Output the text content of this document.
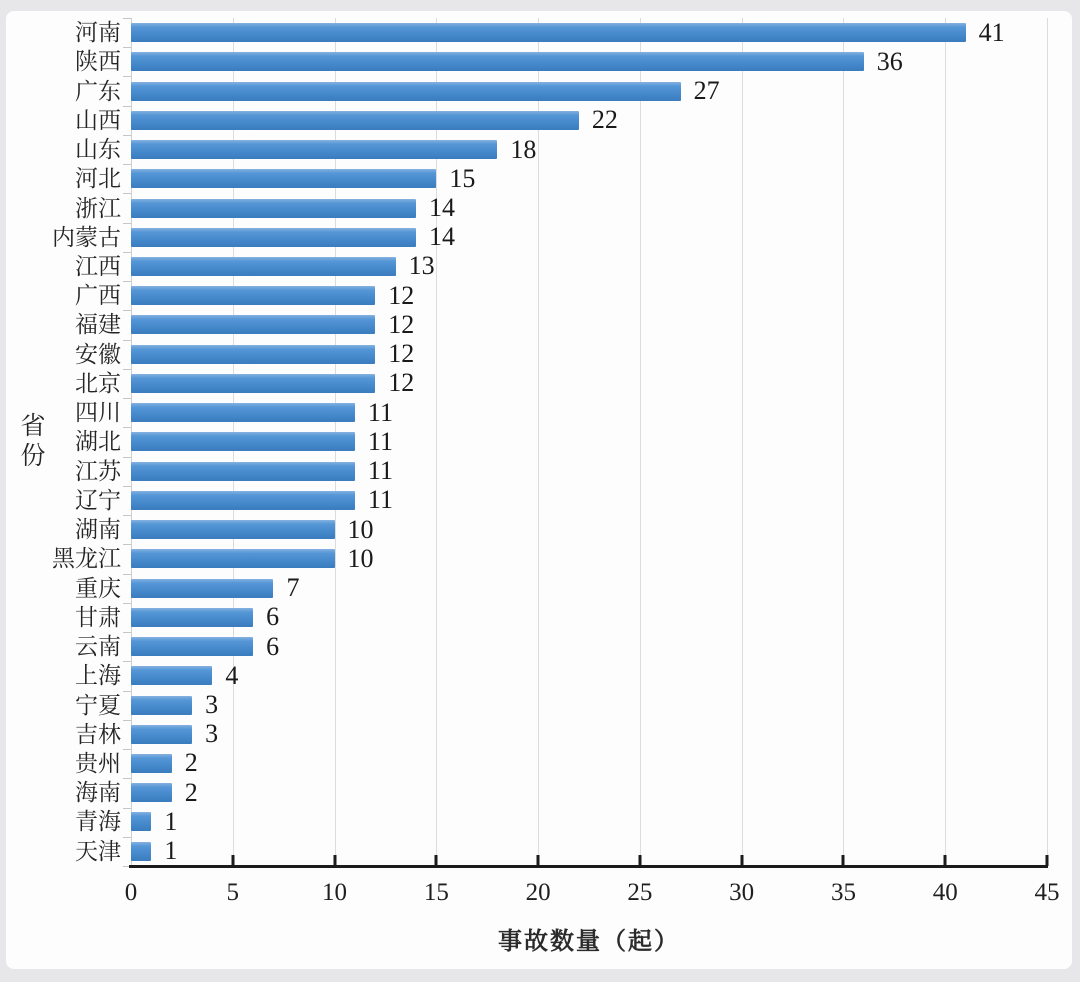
河南	41
陕西	36
广东	27
山西	22
山东	18
河北	15
浙江	14
内蒙古	14
江西	13
广西	12
福建	12
安徽	12
北京	12
四川	11
湖北	11
江苏	11
辽宁	11
湖南	10
黑龙江	10
重庆	7
甘肃	6
云南	6
上海	4
宁夏	3
吉林	3
贵州 2
海南 2
青海 1
天津 1
0	5	10	15	20	25	30	35	40	45
事故数量（起）
省份
